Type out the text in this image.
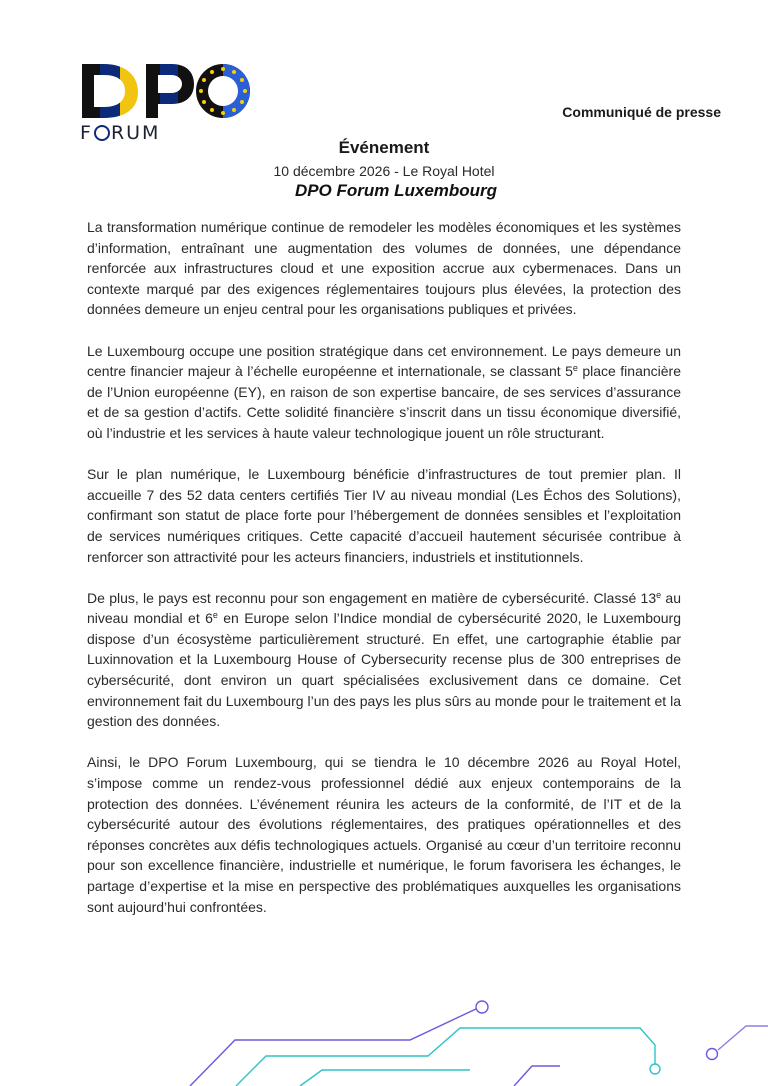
F RUM
Communiqué de presse
Événement
10 décembre 2026 - Le Royal Hotel
DPO Forum Luxembourg

La transformation numérique continue de remodeler les modèles économiques et les systèmes d’information, entraînant une augmentation des volumes de données, une dépendance renforcée aux infrastructures cloud et une exposition accrue aux cybermenaces. Dans un contexte marqué par des exigences réglementaires toujours plus élevées, la protection des données demeure un enjeu central pour les organisations publiques et privées.

Le Luxembourg occupe une position stratégique dans cet environnement. Le pays demeure un centre financier majeur à l’échelle européenne et internationale, se classant 5e place financière de l’Union européenne (EY), en raison de son expertise bancaire, de ses services d’assurance et de sa gestion d’actifs. Cette solidité financière s’inscrit dans un tissu économique diversifié, où l’industrie et les services à haute valeur technologique jouent un rôle structurant.

Sur le plan numérique, le Luxembourg bénéficie d’infrastructures de tout premier plan. Il accueille 7 des 52 data centers certifiés Tier IV au niveau mondial (Les Échos des Solutions), confirmant son statut de place forte pour l’hébergement de données sensibles et l’exploitation de services numériques critiques. Cette capacité d’accueil hautement sécurisée contribue à renforcer son attractivité pour les acteurs financiers, industriels et institutionnels.

De plus, le pays est reconnu pour son engagement en matière de cybersécurité. Classé 13e au niveau mondial et 6e en Europe selon l’Indice mondial de cybersécurité 2020, le Luxembourg dispose d’un écosystème particulièrement structuré. En effet, une cartographie établie par Luxinnovation et la Luxembourg House of Cybersecurity recense plus de 300 entreprises de cybersécurité, dont environ un quart spécialisées exclusivement dans ce domaine. Cet environnement fait du Luxembourg l’un des pays les plus sûrs au monde pour le traitement et la gestion des données.

Ainsi, le DPO Forum Luxembourg, qui se tiendra le 10 décembre 2026 au Royal Hotel, s’impose comme un rendez-vous professionnel dédié aux enjeux contemporains de la protection des données. L’événement réunira les acteurs de la conformité, de l’IT et de la cybersécurité autour des évolutions réglementaires, des pratiques opérationnelles et des réponses concrètes aux défis technologiques actuels. Organisé au cœur d’un territoire reconnu pour son excellence financière, industrielle et numérique, le forum favorisera les échanges, le partage d’expertise et la mise en perspective des problématiques auxquelles les organisations sont aujourd’hui confrontées.
